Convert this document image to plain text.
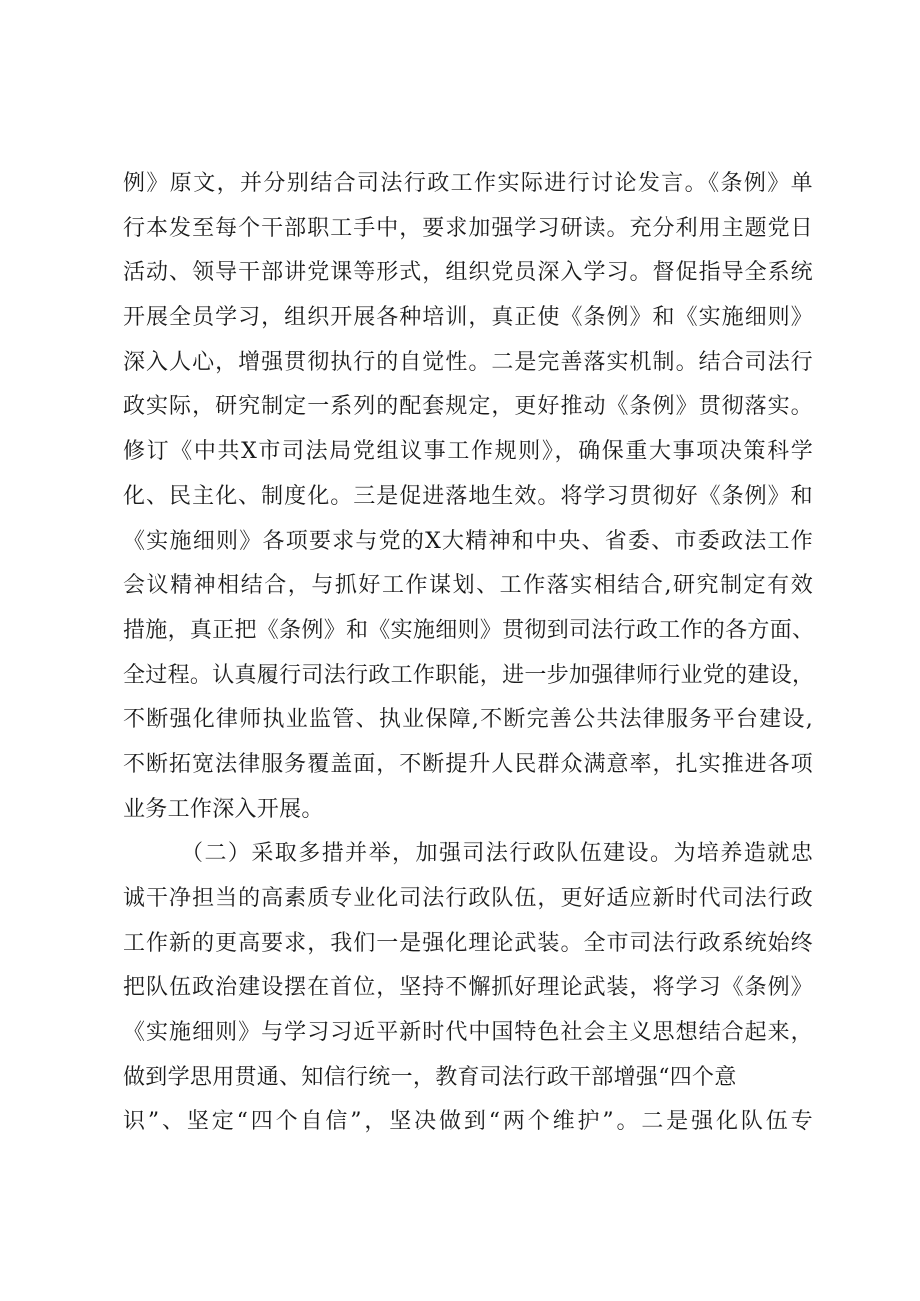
例》原文，并分别结合司法行政工作实际进行讨论发言。《条例》单
行本发至每个干部职工手中，要求加强学习研读。充分利用主题党日
活动、领导干部讲党课等形式，组织党员深入学习。督促指导全系统
开展全员学习，组织开展各种培训，真正使《条例》和《实施细则》
深入人心，增强贯彻执行的自觉性。二是完善落实机制。结合司法行
政实际，研究制定一系列的配套规定，更好推动《条例》贯彻落实。
修订《中共X市司法局党组议事工作规则》，确保重大事项决策科学
化、民主化、制度化。三是促进落地生效。将学习贯彻好《条例》和
《实施细则》各项要求与党的X大精神和中央、省委、市委政法工作
会议精神相结合，与抓好工作谋划、工作落实相结合,研究制定有效
措施，真正把《条例》和《实施细则》贯彻到司法行政工作的各方面、
全过程。认真履行司法行政工作职能，进一步加强律师行业党的建设，
不断强化律师执业监管、执业保障,不断完善公共法律服务平台建设,
不断拓宽法律服务覆盖面，不断提升人民群众满意率，扎实推进各项
业务工作深入开展。
（二）采取多措并举，加强司法行政队伍建设。为培养造就忠
诚干净担当的高素质专业化司法行政队伍，更好适应新时代司法行政
工作新的更高要求，我们一是强化理论武装。全市司法行政系统始终
把队伍政治建设摆在首位，坚持不懈抓好理论武装，将学习《条例》
《实施细则》与学习习近平新时代中国特色社会主义思想结合起来，
做到学思用贯通、知信行统一，教育司法行政干部增强“四个意
识”、坚定“四个自信”，坚决做到“两个维护”。二是强化队伍专
